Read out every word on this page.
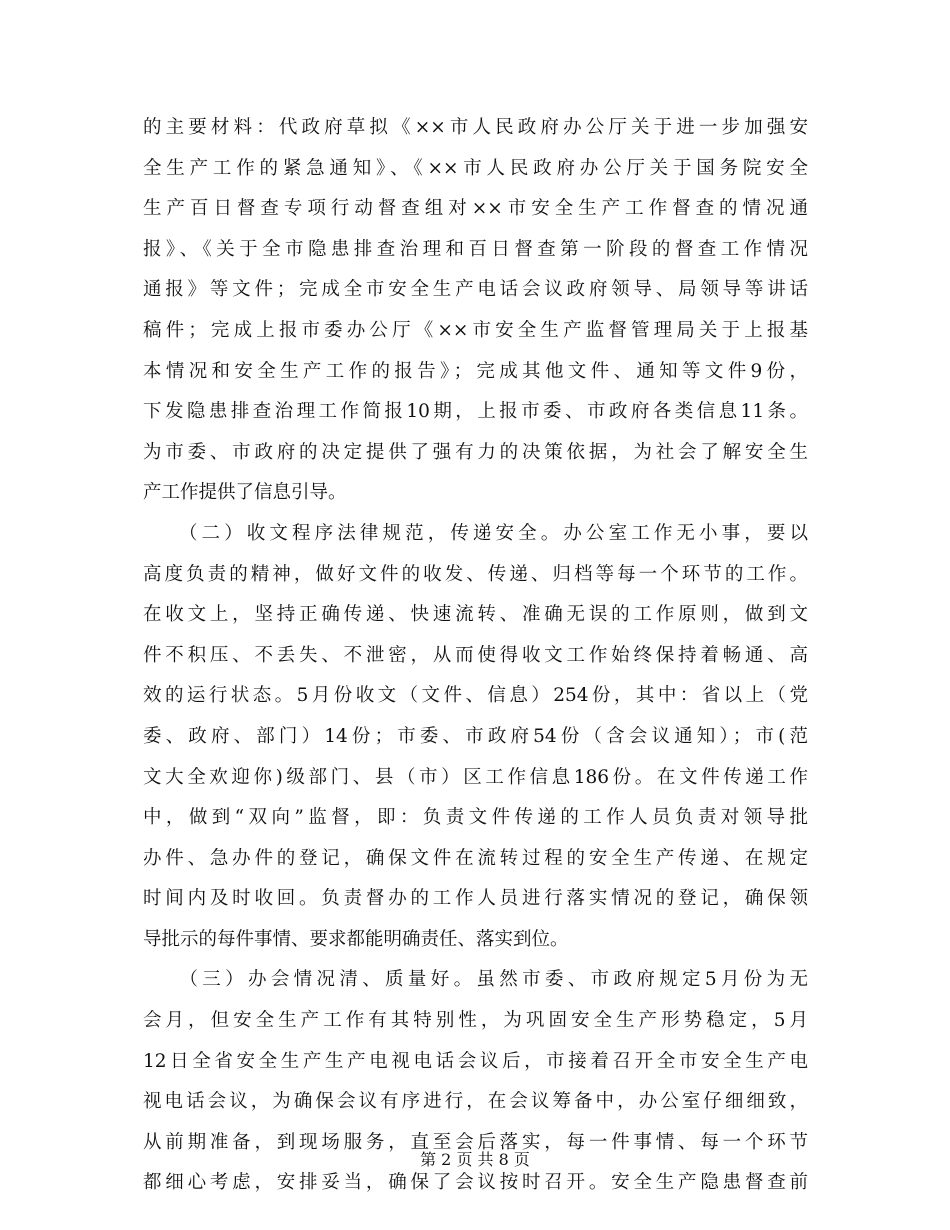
的主要材料：代政府草拟《××市人民政府办公厅关于进一步加强安
全生产工作的紧急通知》、《××市人民政府办公厅关于国务院安全
生产百日督查专项行动督查组对××市安全生产工作督查的情况通
报》、《关于全市隐患排查治理和百日督查第一阶段的督查工作情况
通报》等文件；完成全市安全生产电话会议政府领导、局领导等讲话
稿件；完成上报市委办公厅《××市安全生产监督管理局关于上报基
本情况和安全生产工作的报告》；完成其他文件、通知等文件9份，
下发隐患排查治理工作简报10期，上报市委、市政府各类信息11条。
为市委、市政府的决定提供了强有力的决策依据，为社会了解安全生
产工作提供了信息引导。
　　（二）收文程序法律规范，传递安全。办公室工作无小事，要以
高度负责的精神，做好文件的收发、传递、归档等每一个环节的工作。
在收文上，坚持正确传递、快速流转、准确无误的工作原则，做到文
件不积压、不丢失、不泄密，从而使得收文工作始终保持着畅通、高
效的运行状态。5月份收文（文件、信息）254份，其中：省以上（党
委、政府、部门）14份；市委、市政府54份（含会议通知）；市(范
文大全欢迎你)级部门、县（市）区工作信息186份。在文件传递工作
中，做到“双向”监督，即：负责文件传递的工作人员负责对领导批
办件、急办件的登记，确保文件在流转过程的安全生产传递、在规定
时间内及时收回。负责督办的工作人员进行落实情况的登记，确保领
导批示的每件事情、要求都能明确责任、落实到位。
　　（三）办会情况清、质量好。虽然市委、市政府规定5月份为无
会月，但安全生产工作有其特别性，为巩固安全生产形势稳定，5月
12日全省安全生产生产电视电话会议后，市接着召开全市安全生产电
视电话会议，为确保会议有序进行，在会议筹备中，办公室仔细细致，
从前期准备，到现场服务，直至会后落实，每一件事情、每一个环节
都细心考虑，安排妥当，确保了会议按时召开。安全生产隐患督查前
第 2 页 共 8 页
